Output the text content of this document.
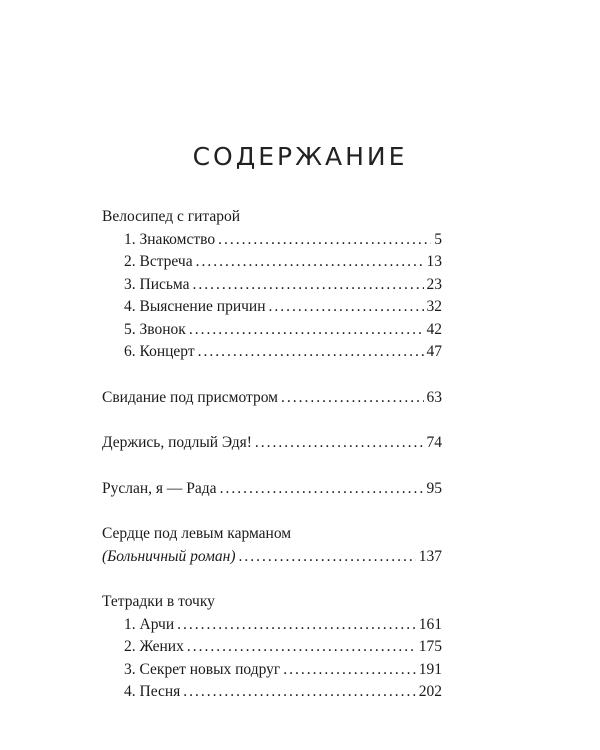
СОДЕРЖАНИЕ
Велосипед с гитарой
1. Знакомство .....	5
2. Встреча .....	13
3. Письма .....	23
4. Выяснение причин .....	32
5. Звонок .....	42
6. Концерт .....	47
Свидание под присмотром .....	63
Держись, подлый Эдя! .....	74
Руслан, я — Рада .....	95
Сердце под левым карманом
(Больничный роман) .....	137
Тетрадки в точку
1. Арчи .....	161
2. Жених .....	175
3. Секрет новых подруг .....	191
4. Песня .....	202
